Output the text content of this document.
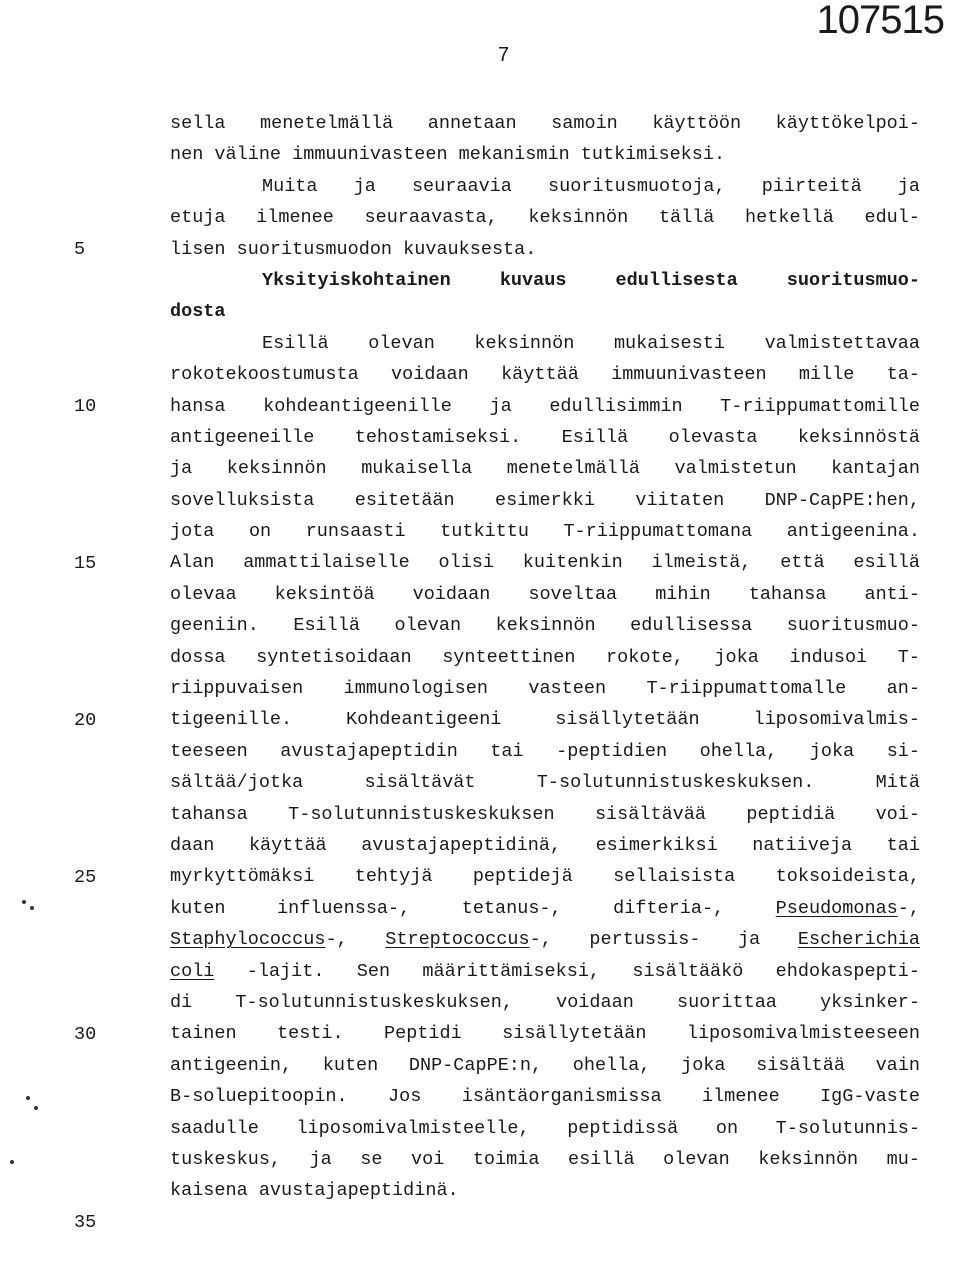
107515
7
5
10
15
20
25
30
35
sella menetelmällä annetaan samoin käyttöön käyttökelpoi-
nen väline immuunivasteen mekanismin tutkimiseksi.
Muita ja seuraavia suoritusmuotoja, piirteitä ja
etuja ilmenee seuraavasta, keksinnön tällä hetkellä edul-
lisen suoritusmuodon kuvauksesta.
Yksityiskohtainen kuvaus edullisesta suoritusmuo-
dosta
Esillä olevan keksinnön mukaisesti valmistettavaa
rokotekoostumusta voidaan käyttää immuunivasteen mille ta-
hansa kohdeantigeenille ja edullisimmin T-riippumattomille
antigeeneille tehostamiseksi. Esillä olevasta keksinnöstä
ja keksinnön mukaisella menetelmällä valmistetun kantajan
sovelluksista esitetään esimerkki viitaten DNP-CapPE:hen,
jota on runsaasti tutkittu T-riippumattomana antigeenina.
Alan ammattilaiselle olisi kuitenkin ilmeistä, että esillä
olevaa keksintöä voidaan soveltaa mihin tahansa anti-
geeniin. Esillä olevan keksinnön edullisessa suoritusmuo-
dossa syntetisoidaan synteettinen rokote, joka indusoi T-
riippuvaisen immunologisen vasteen T-riippumattomalle an-
tigeenille. Kohdeantigeeni sisällytetään liposomivalmis-
teeseen avustajapeptidin tai -peptidien ohella, joka si-
sältää/jotka sisältävät T-solutunnistuskeskuksen. Mitä
tahansa T-solutunnistuskeskuksen sisältävää peptidiä voi-
daan käyttää avustajapeptidinä, esimerkiksi natiiveja tai
myrkyttömäksi tehtyjä peptidejä sellaisista toksoideista,
kuten influenssa-, tetanus-, difteria-, Pseudomonas-,
Staphylococcus-, Streptococcus-, pertussis- ja Escherichia
coli -lajit. Sen määrittämiseksi, sisältääkö ehdokaspepti-
di T-solutunnistuskeskuksen, voidaan suorittaa yksinker-
tainen testi. Peptidi sisällytetään liposomivalmisteeseen
antigeenin, kuten DNP-CapPE:n, ohella, joka sisältää vain
B-soluepitoopin. Jos isäntäorganismissa ilmenee IgG-vaste
saadulle liposomivalmisteelle, peptidissä on T-solutunnis-
tuskeskus, ja se voi toimia esillä olevan keksinnön mu-
kaisena avustajapeptidinä.
